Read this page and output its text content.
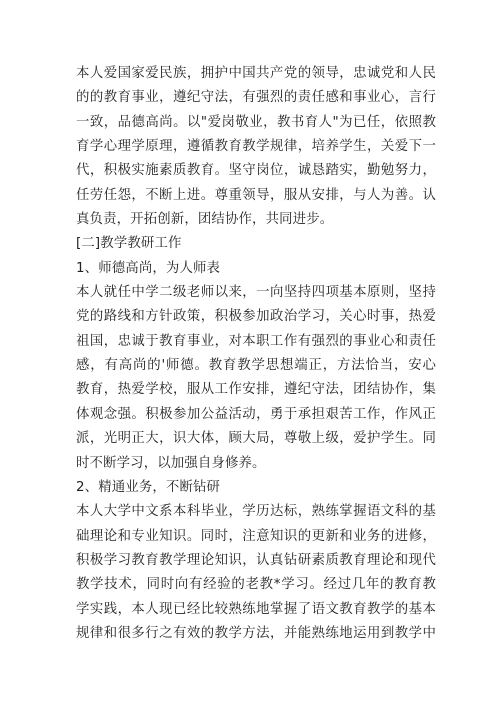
本人爱国家爱民族，拥护中国共产党的领导，忠诚党和人民
的的教育事业，遵纪守法，有强烈的责任感和事业心，言行
一致，品德高尚。以"爱岗敬业，教书育人"为已任，依照教
育学心理学原理，遵循教育教学规律，培养学生，关爱下一
代，积极实施素质教育。坚守岗位，诚恳踏实，勤勉努力，
任劳任怨，不断上进。尊重领导，服从安排，与人为善。认
真负责，开拓创新，团结协作，共同进步。
[二]教学教研工作
1、师德高尚，为人师表
本人就任中学二级老师以来，一向坚持四项基本原则，坚持
党的路线和方针政策，积极参加政治学习，关心时事，热爱
祖国，忠诚于教育事业，对本职工作有强烈的事业心和责任
感，有高尚的'师德。教育教学思想端正，方法恰当，安心
教育，热爱学校，服从工作安排，遵纪守法，团结协作，集
体观念强。积极参加公益活动，勇于承担艰苦工作，作风正
派，光明正大，识大体，顾大局，尊敬上级，爱护学生。同
时不断学习，以加强自身修养。
2、精通业务，不断钻研
本人大学中文系本科毕业，学历达标，熟练掌握语文科的基
础理论和专业知识。同时，注意知识的更新和业务的进修，
积极学习教育教学理论知识，认真钻研素质教育理论和现代
教学技术，同时向有经验的老教*学习。经过几年的教育教
学实践，本人现已经比较熟练地掌握了语文教育教学的基本
规律和很多行之有效的教学方法，并能熟练地运用到教学中
